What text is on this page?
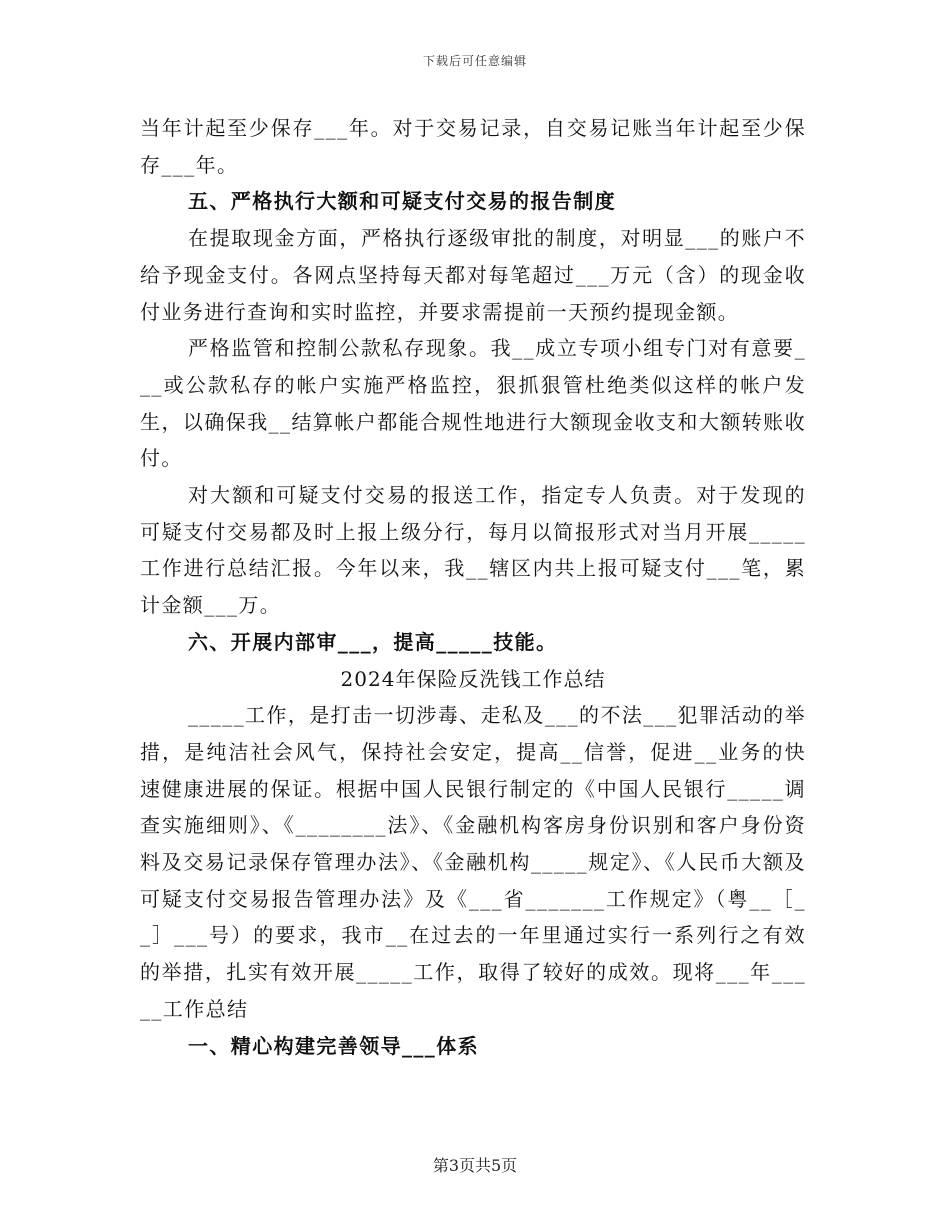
下载后可任意编辑

当年计起至少保存___年。对于交易记录，自交易记账当年计起至少保存___年。

五、严格执行大额和可疑支付交易的报告制度

在提取现金方面，严格执行逐级审批的制度，对明显___的账户不给予现金支付。各网点坚持每天都对每笔超过___万元（含）的现金收付业务进行查询和实时监控，并要求需提前一天预约提现金额。

严格监管和控制公款私存现象。我__成立专项小组专门对有意要___或公款私存的帐户实施严格监控，狠抓狠管杜绝类似这样的帐户发生，以确保我__结算帐户都能合规性地进行大额现金收支和大额转账收付。

对大额和可疑支付交易的报送工作，指定专人负责。对于发现的可疑支付交易都及时上报上级分行，每月以简报形式对当月开展_____工作进行总结汇报。今年以来，我__辖区内共上报可疑支付___笔，累计金额___万。

六、开展内部审___，提高_____技能。

2024年保险反洗钱工作总结

_____工作，是打击一切涉毒、走私及___的不法___犯罪活动的举措，是纯洁社会风气，保持社会安定，提高__信誉，促进__业务的快速健康进展的保证。根据中国人民银行制定的《中国人民银行_____调查实施细则》、《________法》、《金融机构客房身份识别和客户身份资料及交易记录保存管理办法》、《金融机构_____规定》、《人民币大额及可疑支付交易报告管理办法》及《___省_______工作规定》（粤__［__］___号）的要求，我市__在过去的一年里通过实行一系列行之有效的举措，扎实有效开展_____工作，取得了较好的成效。现将___年_____工作总结

一、精心构建完善领导___体系

第3页共5页
